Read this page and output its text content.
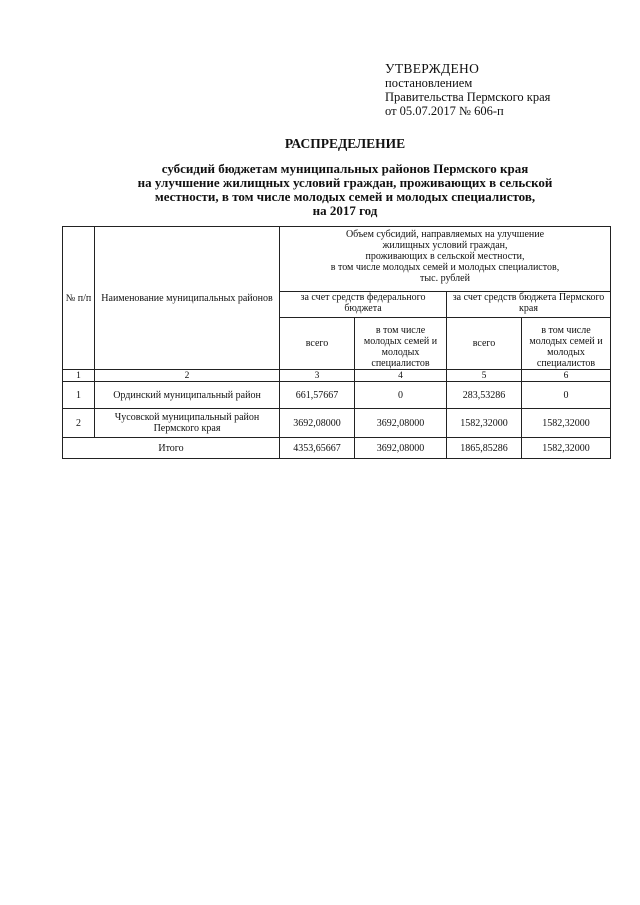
УТВЕРЖДЕНО
постановлением
Правительства Пермского края
от 05.07.2017 № 606-п
РАСПРЕДЕЛЕНИЕ
субсидий бюджетам муниципальных районов Пермского края
на улучшение жилищных условий граждан, проживающих в сельской
местности, в том числе молодых семей и молодых специалистов,
на 2017 год
№ п/п	Наименование муниципальных районов	Объем субсидий, направляемых на улучшение
жилищных условий граждан,
проживающих в сельской местности,
в том числе молодых семей и молодых специалистов,
тыс. рублей			

		за счет средств федерального бюджета		за счет средств бюджета Пермского края	
		всего	в том числе молодых семей и молодых специалистов	всего	в том числе молодых семей и молодых специалистов
1	2	3	4	5	6
1	Ординский муниципальный район	661,57667	0	283,53286	0
2	Чусовской муниципальный район Пермского края	3692,08000	3692,08000	1582,32000	1582,32000
Итого		4353,65667	3692,08000	1865,85286	1582,32000
